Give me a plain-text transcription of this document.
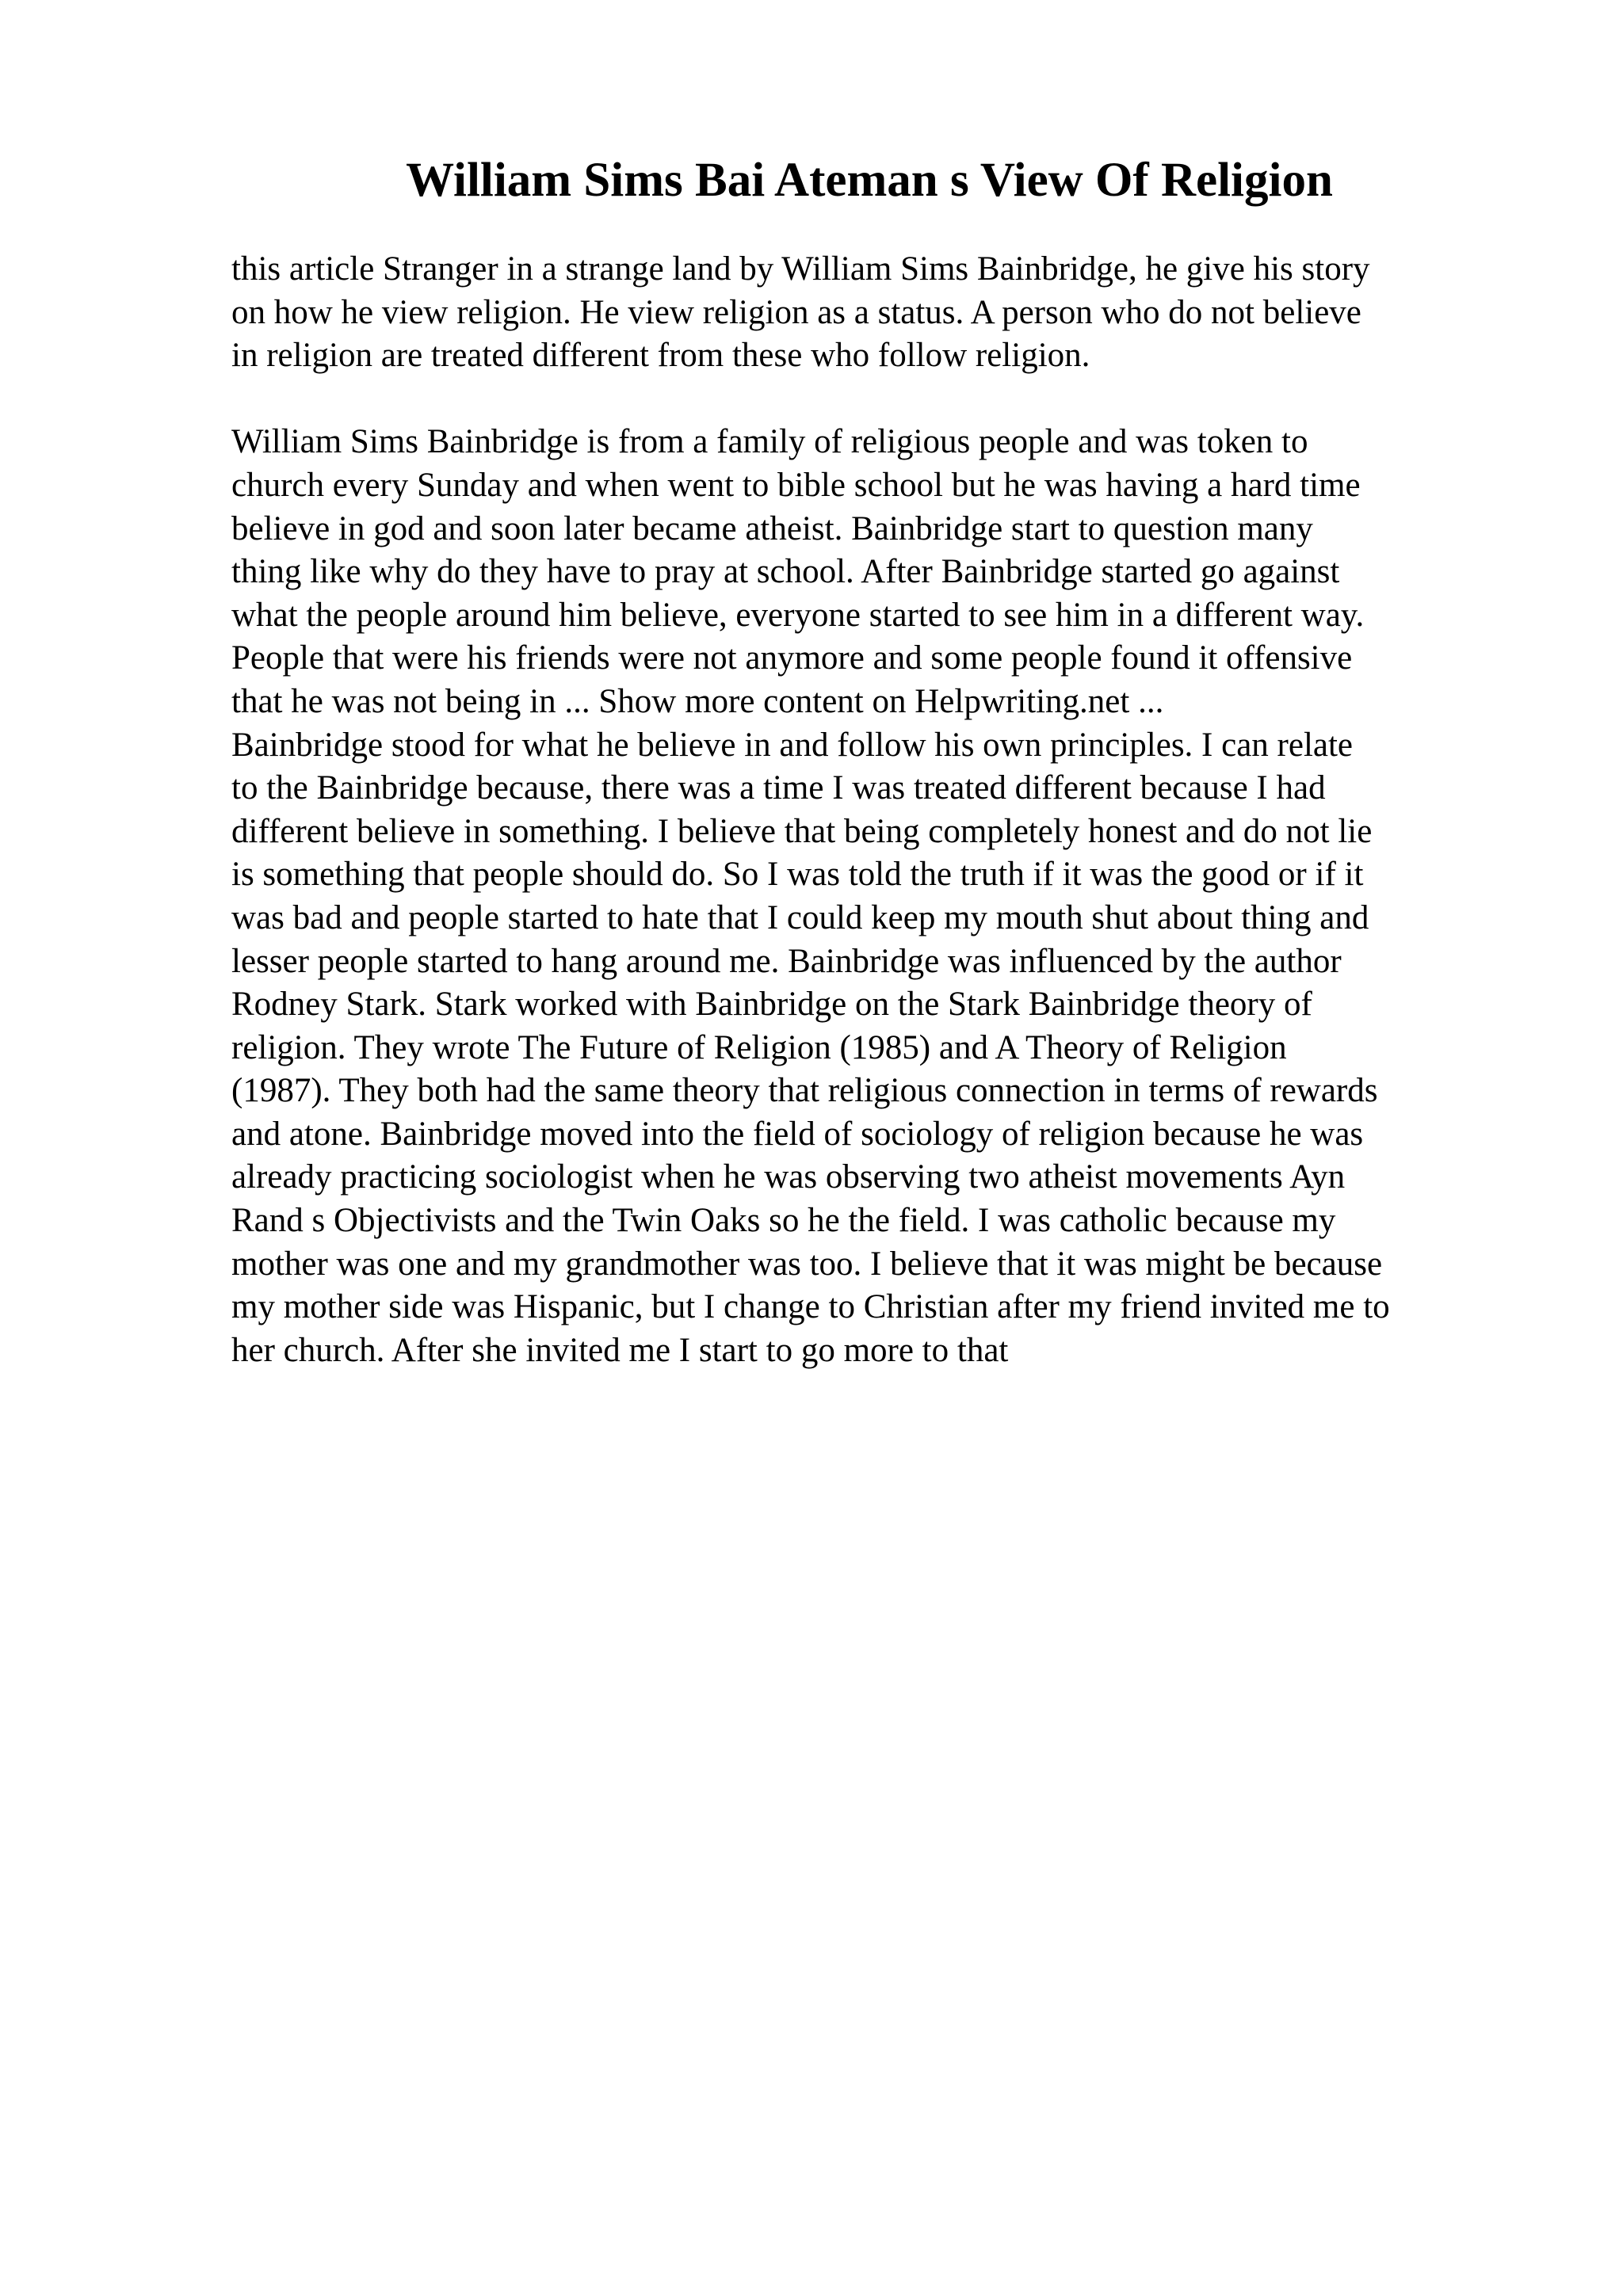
William Sims Bai Ateman s View Of Religion
this article Stranger in a strange land by William Sims Bainbridge, he give his story
on how he view religion. He view religion as a status. A person who do not believe
in religion are treated different from these who follow religion.
William Sims Bainbridge is from a family of religious people and was token to
church every Sunday and when went to bible school but he was having a hard time
believe in god and soon later became atheist. Bainbridge start to question many
thing like why do they have to pray at school. After Bainbridge started go against
what the people around him believe, everyone started to see him in a different way.
People that were his friends were not anymore and some people found it offensive
that he was not being in ... Show more content on Helpwriting.net ...
Bainbridge stood for what he believe in and follow his own principles. I can relate
to the Bainbridge because, there was a time I was treated different because I had
different believe in something. I believe that being completely honest and do not lie
is something that people should do. So I was told the truth if it was the good or if it
was bad and people started to hate that I could keep my mouth shut about thing and
lesser people started to hang around me. Bainbridge was influenced by the author
Rodney Stark. Stark worked with Bainbridge on the Stark Bainbridge theory of
religion. They wrote The Future of Religion (1985) and A Theory of Religion
(1987). They both had the same theory that religious connection in terms of rewards
and atone. Bainbridge moved into the field of sociology of religion because he was
already practicing sociologist when he was observing two atheist movements Ayn
Rand s Objectivists and the Twin Oaks so he the field. I was catholic because my
mother was one and my grandmother was too. I believe that it was might be because
my mother side was Hispanic, but I change to Christian after my friend invited me to
her church. After she invited me I start to go more to that
